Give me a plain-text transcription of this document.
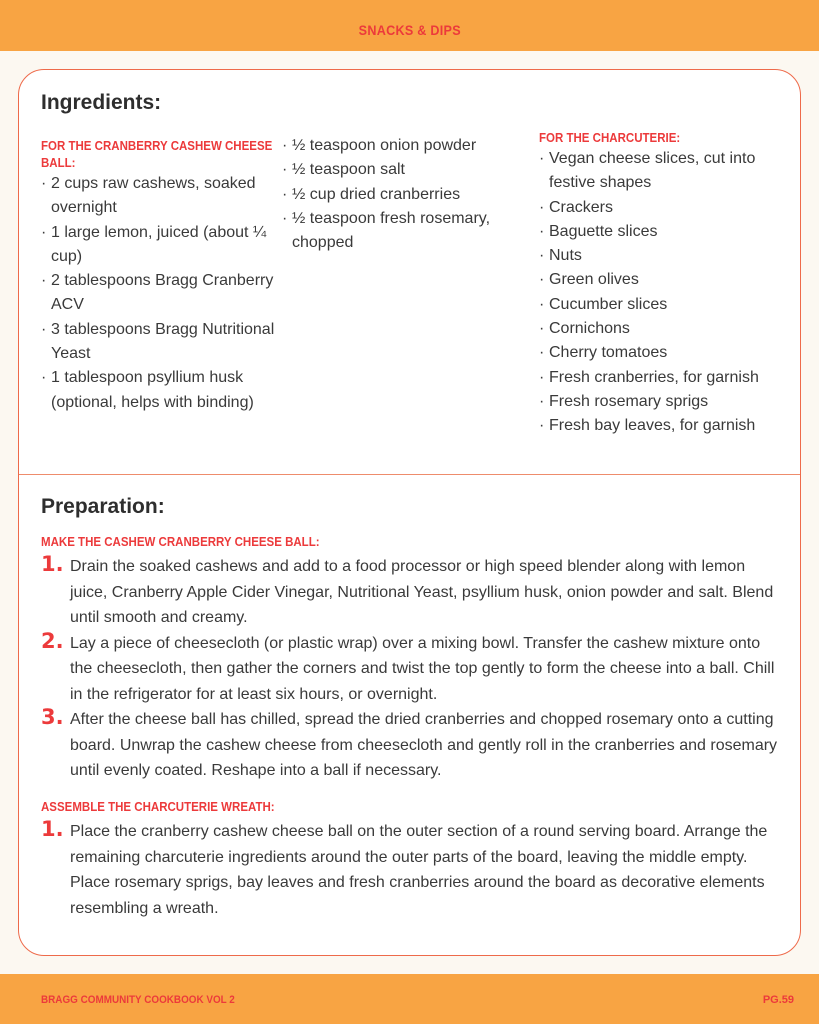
SNACKS & DIPS
Ingredients:
FOR THE CRANBERRY CASHEW CHEESE BALL:
· 2 cups raw cashews, soaked overnight
· 1 large lemon, juiced (about ¼ cup)
· 2 tablespoons Bragg Cranberry ACV
· 3 tablespoons Bragg Nutritional Yeast
· 1 tablespoon psyllium husk (optional, helps with binding)
· ½ teaspoon onion powder
· ½ teaspoon salt
· ½ cup dried cranberries
· ½ teaspoon fresh rosemary, chopped
FOR THE CHARCUTERIE:
· Vegan cheese slices, cut into festive shapes
· Crackers
· Baguette slices
· Nuts
· Green olives
· Cucumber slices
· Cornichons
· Cherry tomatoes
· Fresh cranberries, for garnish
· Fresh rosemary sprigs
· Fresh bay leaves, for garnish
Preparation:
MAKE THE CASHEW CRANBERRY CHEESE BALL:
1. Drain the soaked cashews and add to a food processor or high speed blender along with lemon juice, Cranberry Apple Cider Vinegar, Nutritional Yeast, psyllium husk, onion powder and salt. Blend until smooth and creamy.
2. Lay a piece of cheesecloth (or plastic wrap) over a mixing bowl. Transfer the cashew mixture onto the cheesecloth, then gather the corners and twist the top gently to form the cheese into a ball. Chill in the refrigerator for at least six hours, or overnight.
3. After the cheese ball has chilled, spread the dried cranberries and chopped rosemary onto a cutting board. Unwrap the cashew cheese from cheesecloth and gently roll in the cranberries and rosemary until evenly coated. Reshape into a ball if necessary.
ASSEMBLE THE CHARCUTERIE WREATH:
1. Place the cranberry cashew cheese ball on the outer section of a round serving board. Arrange the remaining charcuterie ingredients around the outer parts of the board, leaving the middle empty. Place rosemary sprigs, bay leaves and fresh cranberries around the board as decorative elements resembling a wreath.
BRAGG COMMUNITY COOKBOOK VOL 2	PG.59
